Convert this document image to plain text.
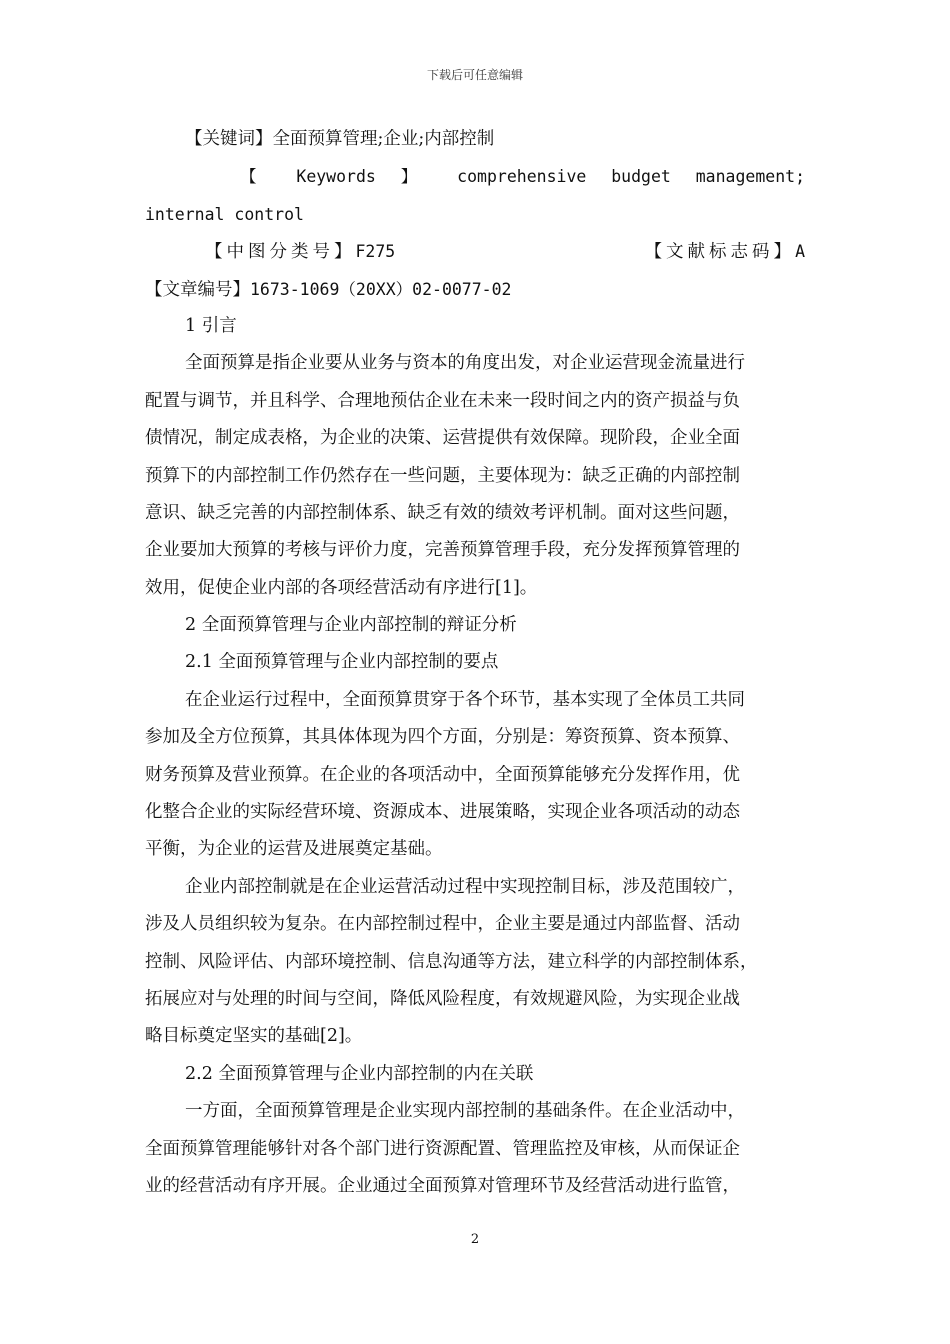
下载后可任意编辑
【关键词】全面预算管理;企业;内部控制
【 Keywords 】 comprehensive budget management;
internal control
【中图分类号】F275	【文献标志码】A
【文章编号】1673-1069（20XX）02-0077-02
1 引言
全面预算是指企业要从业务与资本的角度出发，对企业运营现金流量进行
配置与调节，并且科学、合理地预估企业在未来一段时间之内的资产损益与负
债情况，制定成表格，为企业的决策、运营提供有效保障。现阶段，企业全面
预算下的内部控制工作仍然存在一些问题，主要体现为：缺乏正确的内部控制
意识、缺乏完善的内部控制体系、缺乏有效的绩效考评机制。面对这些问题，
企业要加大预算的考核与评价力度，完善预算管理手段，充分发挥预算管理的
效用，促使企业内部的各项经营活动有序进行[1]。
2 全面预算管理与企业内部控制的辩证分析
2.1 全面预算管理与企业内部控制的要点
在企业运行过程中，全面预算贯穿于各个环节，基本实现了全体员工共同
参加及全方位预算，其具体体现为四个方面，分别是：筹资预算、资本预算、
财务预算及营业预算。在企业的各项活动中，全面预算能够充分发挥作用，优
化整合企业的实际经营环境、资源成本、进展策略，实现企业各项活动的动态
平衡，为企业的运营及进展奠定基础。
企业内部控制就是在企业运营活动过程中实现控制目标，涉及范围较广，
涉及人员组织较为复杂。在内部控制过程中，企业主要是通过内部监督、活动
控制、风险评估、内部环境控制、信息沟通等方法，建立科学的内部控制体系，
拓展应对与处理的时间与空间，降低风险程度，有效规避风险，为实现企业战
略目标奠定坚实的基础[2]。
2.2 全面预算管理与企业内部控制的内在关联
一方面，全面预算管理是企业实现内部控制的基础条件。在企业活动中，
全面预算管理能够针对各个部门进行资源配置、管理监控及审核，从而保证企
业的经营活动有序开展。企业通过全面预算对管理环节及经营活动进行监管，
2
